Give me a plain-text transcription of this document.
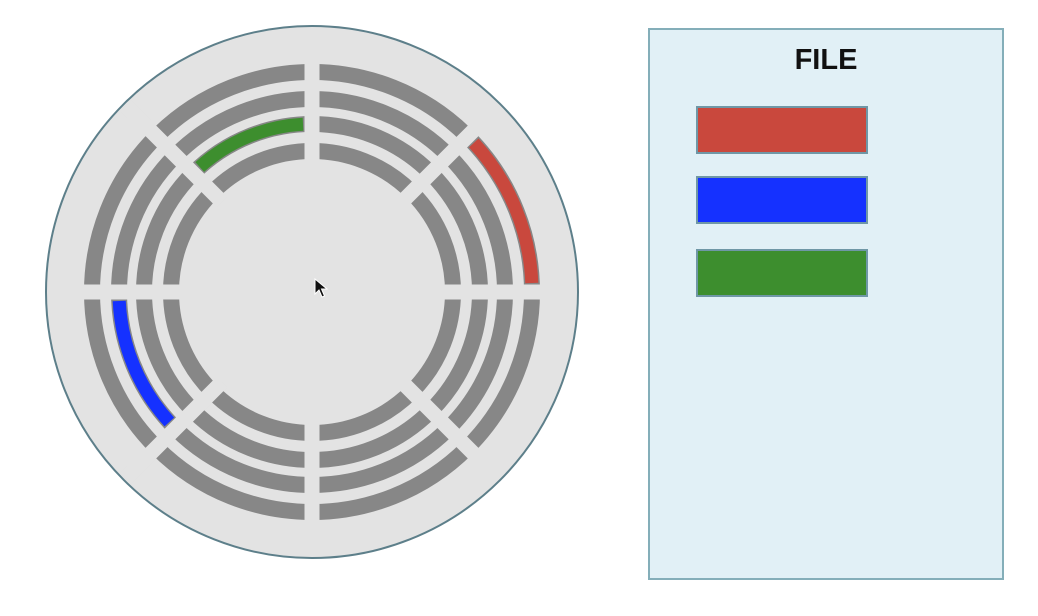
FILE
